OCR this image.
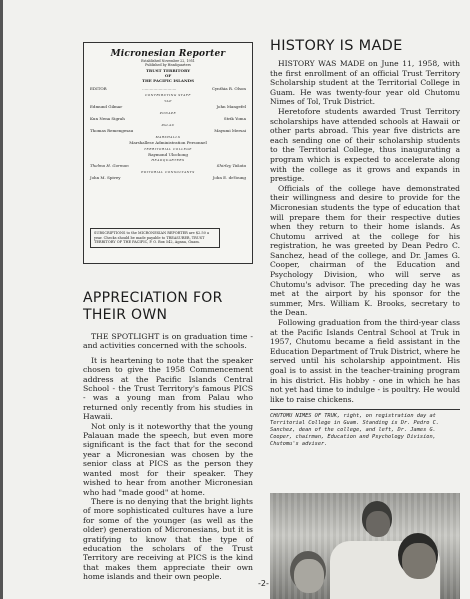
Micronesian Reporter
Established November 22, 1951
Published by Headquarters
TRUST TERRITORY
OF
THE PACIFIC ISLANDS
EDITOR	...........................	Cynthia R. Olson
CONTRIBUTING STAFF
YAP
Edmund Gilmar	John Mangefel
PONAPE
Kun Nena Sigrah	Strik Yoma
PALAU
Thomas Remengesau	Mayumi Mersai
MARSHALLS
Marshallese Administration Personnel
TERRITORIAL COLLEGE
Raymond Ulochong
HEADQUARTERS
Thelma H. Gorman	Shirley Takata
EDITORIAL CONSULTANTS
John M. Spivey	John E. deYoung
SUBSCRIPTIONS to the MICRONESIAN REPORTER are $2.50 a year. Checks should be made payable to TREASURER, TRUST TERRITORY OF THE PACIFIC, P. O. Box 542, Agana, Guam.
APPRECIATION FOR THEIR OWN

THE SPOTLIGHT is on graduation time - and activities concerned with the schools.

It is heartening to note that the speaker chosen to give the 1958 Commencement address at the Pacific Islands Central School - the Trust Territory's famous PICS - was a young man from Palau who returned only recently from his studies in Hawaii.

Not only is it noteworthy that the young Palauan made the speech, but even more significant is the fact that for the second year a Micronesian was chosen by the senior class at PICS as the person they wanted most for their speaker. They wished to hear from another Micronesian who had "made good" at home.

There is no denying that the bright lights of more sophisticated cultures have a lure for some of the younger (as well as the older) generation of Micronesians, but it is gratifying to know that the type of education the scholars of the Trust Territory are receiving at PICS is the kind that makes them appreciate their own home islands and their own people.

HISTORY IS MADE

HISTORY WAS MADE on June 11, 1958, with the first enrollment of an official Trust Territory Scholarship student at the Territorial College in Guam. He was twenty-four year old Chutomu Nimes of Tol, Truk District.

Heretofore students awarded Trust Territory scholarships have attended schools at Hawaii or other parts abroad. This year five districts are each sending one of their scholarship students to the Territorial College, thus inaugurating a program which is expected to accelerate along with the college as it grows and expands in prestige.

Officials of the college have demonstrated their willingness and desire to provide for the Micronesian students the type of education that will prepare them for their respective duties when they return to their home islands. As Chutomu arrived at the college for his registration, he was greeted by Dean Pedro C. Sanchez, head of the college, and Dr. James G. Cooper, chairman of the Education and Psychology Division, who will serve as Chutomu's advisor. The preceding day he was met at the airport by his sponsor for the summer, Mrs. William K. Brooks, secretary to the Dean.

Following graduation from the third-year class at the Pacific Islands Central School at Truk in 1957, Chutomu became a field assistant in the Education Department of Truk District, where he served until his scholarship appointment. His goal is to assist in the teacher-training program in his district. His hobby - one in which he has not yet had time to indulge - is poultry. He would like to raise chickens.

CHUTOMU NIMES OF TRUK, right, on registration day at Territorial College in Guam. Standing is Dr. Pedro C. Sanchez, dean of the college, and left, Dr. James G. Cooper, chairman, Education and Psychology Division, Chutomu's adviser.
-2-
